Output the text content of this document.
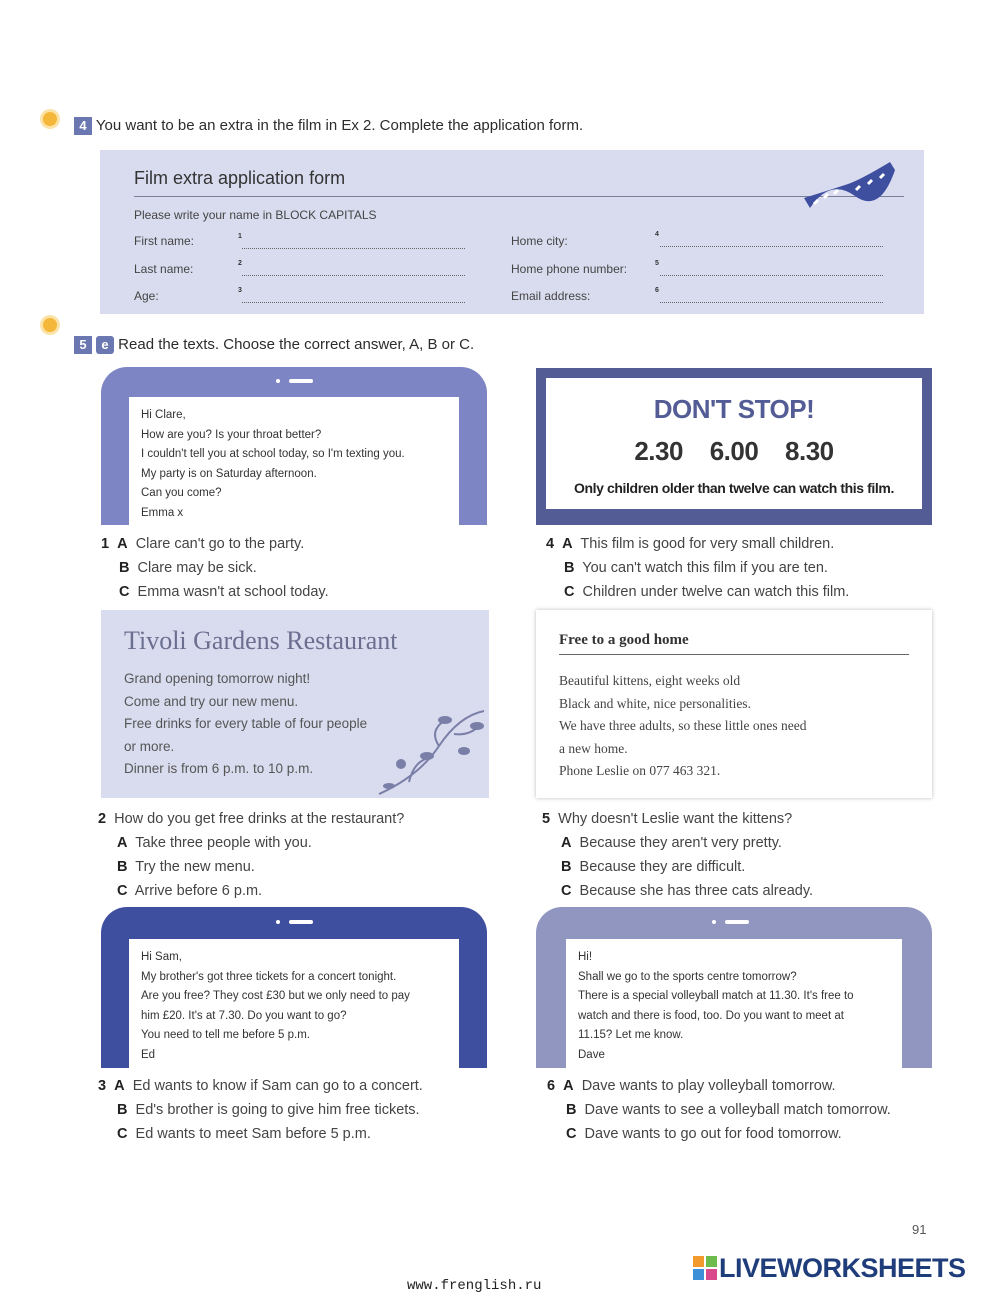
4 You want to be an extra in the film in Ex 2. Complete the application form.
Film extra application form
Please write your name in BLOCK CAPITALS
First name:	1
Last name:	2
Age:	3
Home city:	4
Home phone number:	5
Email address:	6
5 e Read the texts. Choose the correct answer, A, B or C.
Hi Clare,
How are you? Is your throat better?
I couldn't tell you at school today, so I'm texting you.
My party is on Saturday afternoon.
Can you come?
Emma x
DON'T STOP!
2.30 6.00 8.30
Only children older than twelve can watch this film.
1 A Clare can't go to the party.
B Clare may be sick.
C Emma wasn't at school today.
4 A This film is good for very small children.
B You can't watch this film if you are ten.
C Children under twelve can watch this film.
Tivoli Gardens Restaurant
Grand opening tomorrow night!
Come and try our new menu.
Free drinks for every table of four people
or more.
Dinner is from 6 p.m. to 10 p.m.
Free to a good home
Beautiful kittens, eight weeks old
Black and white, nice personalities.
We have three adults, so these little ones need
a new home.
Phone Leslie on 077 463 321.
2 How do you get free drinks at the restaurant?
A Take three people with you.
B Try the new menu.
C Arrive before 6 p.m.
5 Why doesn't Leslie want the kittens?
A Because they aren't very pretty.
B Because they are difficult.
C Because she has three cats already.
Hi Sam,
My brother's got three tickets for a concert tonight.
Are you free? They cost £30 but we only need to pay
him £20. It's at 7.30. Do you want to go?
You need to tell me before 5 p.m.
Ed
Hi!
Shall we go to the sports centre tomorrow?
There is a special volleyball match at 11.30. It's free to
watch and there is food, too. Do you want to meet at
11.15? Let me know.
Dave
3 A Ed wants to know if Sam can go to a concert.
B Ed's brother is going to give him free tickets.
C Ed wants to meet Sam before 5 p.m.
6 A Dave wants to play volleyball tomorrow.
B Dave wants to see a volleyball match tomorrow.
C Dave wants to go out for food tomorrow.
91
LIVEWORKSHEETS
www.frenglish.ru
